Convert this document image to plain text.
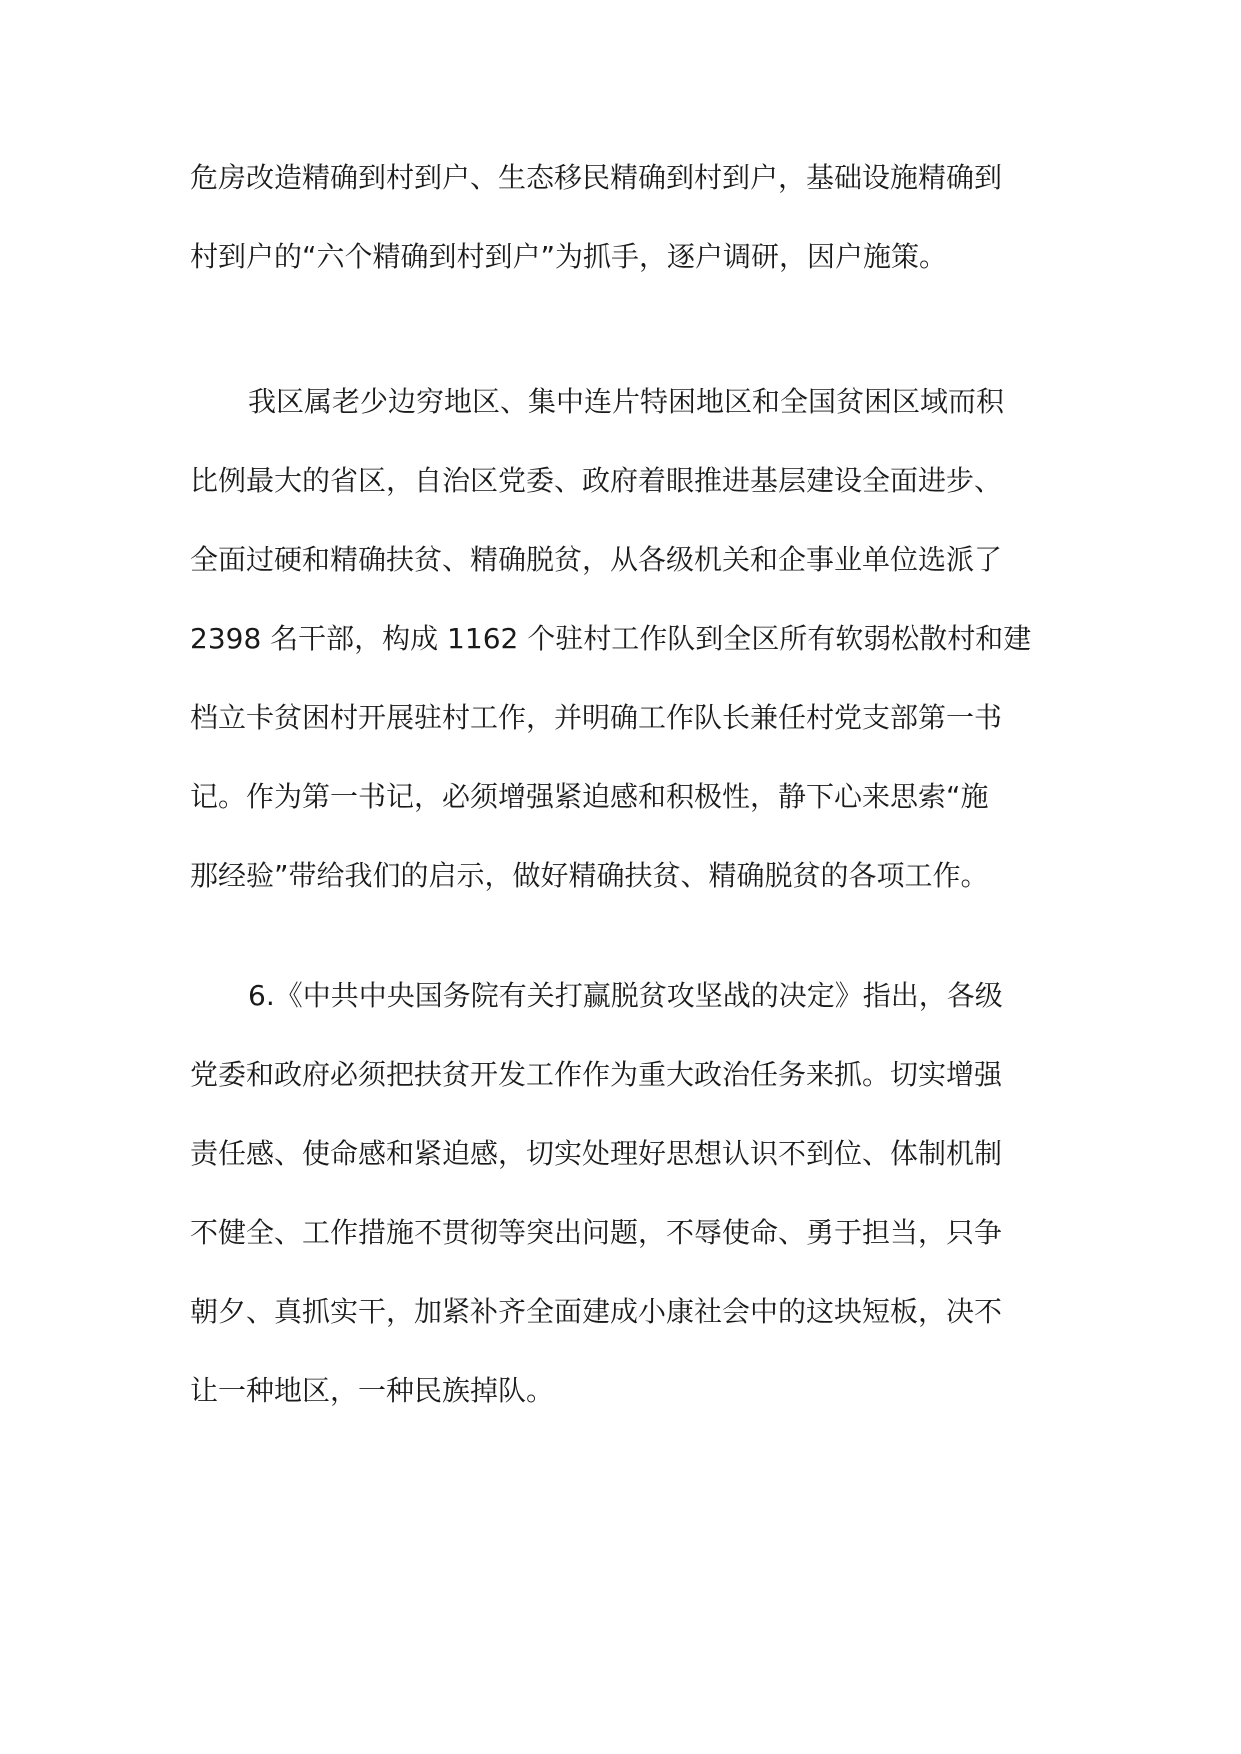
危房改造精确到村到户、生态移民精确到村到户，基础设施精确到
村到户的“六个精确到村到户”为抓手，逐户调研，因户施策。
我区属老少边穷地区、集中连片特困地区和全国贫困区域而积
比例最大的省区，自治区党委、政府着眼推进基层建设全面进步、
全面过硬和精确扶贫、精确脱贫，从各级机关和企事业单位选派了
2398 名干部，构成 1162 个驻村工作队到全区所有软弱松散村和建
档立卡贫困村开展驻村工作，并明确工作队长兼任村党支部第一书
记。作为第一书记，必须增强紧迫感和积极性，静下心来思索“施
那经验”带给我们的启示，做好精确扶贫、精确脱贫的各项工作。
6.《中共中央国务院有关打赢脱贫攻坚战的决定》指出，各级
党委和政府必须把扶贫开发工作作为重大政治任务来抓。切实增强
责任感、使命感和紧迫感，切实处理好思想认识不到位、体制机制
不健全、工作措施不贯彻等突出问题，不辱使命、勇于担当，只争
朝夕、真抓实干，加紧补齐全面建成小康社会中的这块短板，决不
让一种地区，一种民族掉队。
